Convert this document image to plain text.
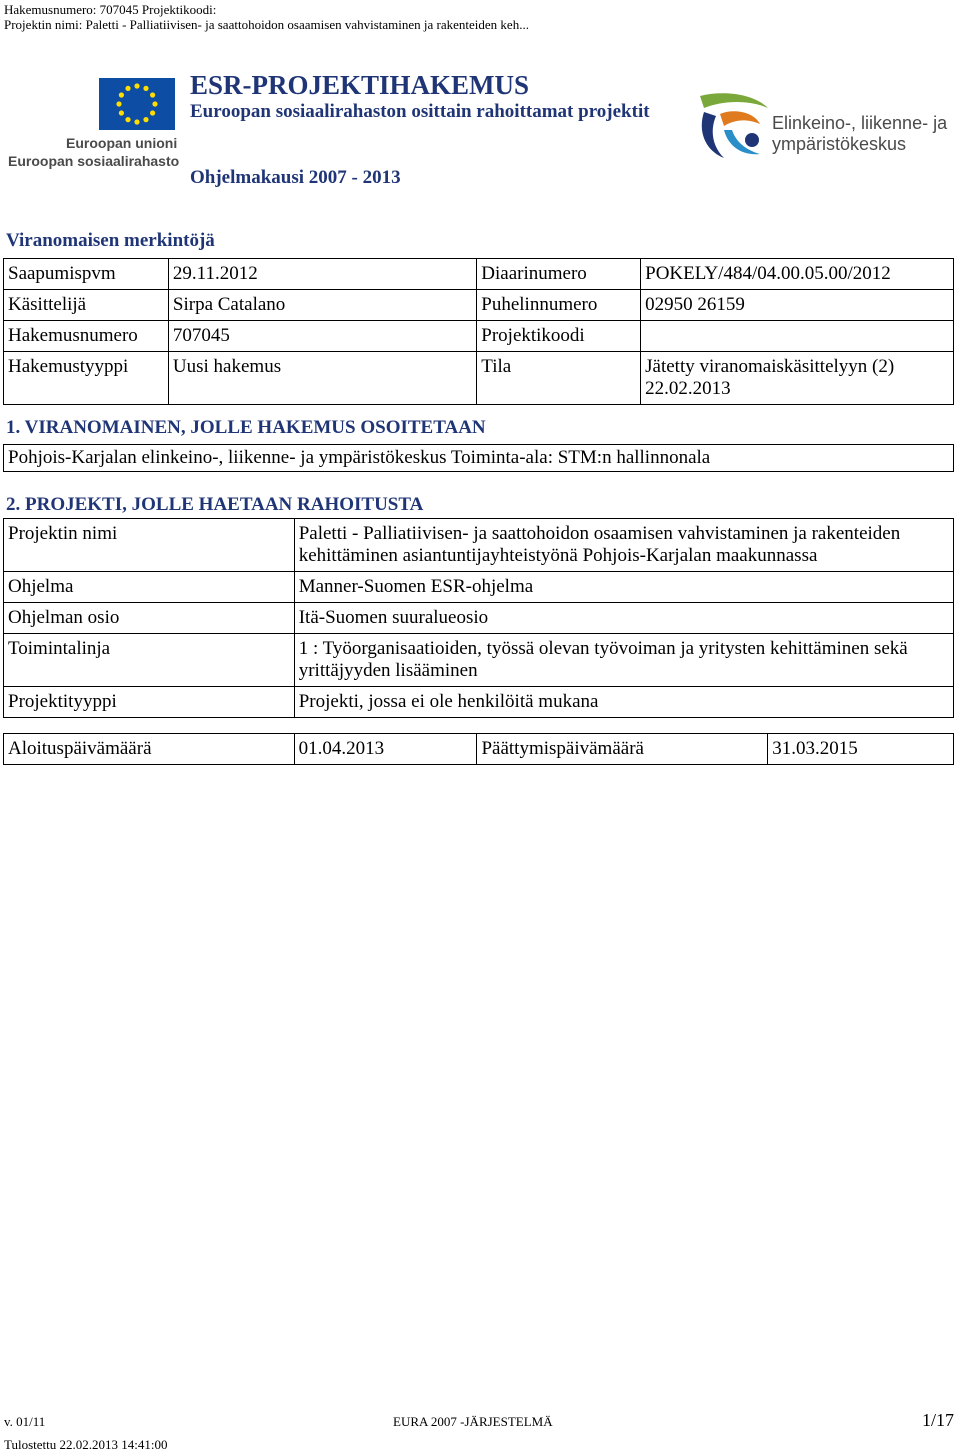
Hakemusnumero: 707045 Projektikoodi:
Projektin nimi: Paletti - Palliatiivisen- ja saattohoidon osaamisen vahvistaminen ja rakenteiden keh...
Euroopan unioni
Euroopan sosiaalirahasto
ESR-PROJEKTIHAKEMUS
Euroopan sosiaalirahaston osittain rahoittamat projektit
Ohjelmakausi 2007 - 2013
Elinkeino-, liikenne- ja
ympäristökeskus
Viranomaisen merkintöjä
Saapumispvm	29.11.2012	Diaarinumero	POKELY/484/04.00.05.00/2012
Käsittelijä	Sirpa Catalano	Puhelinnumero	02950 26159
Hakemusnumero	707045	Projektikoodi	
Hakemustyyppi	Uusi hakemus	Tila	Jätetty viranomaiskäsittelyyn (2) 22.02.2013
1. VIRANOMAINEN, JOLLE HAKEMUS OSOITETAAN
Pohjois-Karjalan elinkeino-, liikenne- ja ympäristökeskus Toiminta-ala: STM:n hallinnonala
2. PROJEKTI, JOLLE HAETAAN RAHOITUSTA
Projektin nimi	Paletti - Palliatiivisen- ja saattohoidon osaamisen vahvistaminen ja rakenteiden kehittäminen asiantuntijayhteistyönä Pohjois-Karjalan maakunnassa
Ohjelma	Manner-Suomen ESR-ohjelma
Ohjelman osio	Itä-Suomen suuralueosio
Toimintalinja	1 : Työorganisaatioiden, työssä olevan työvoiman ja yritysten kehittäminen sekä yrittäjyyden lisääminen
Projektityyppi	Projekti, jossa ei ole henkilöitä mukana
Aloituspäivämäärä	01.04.2013	Päättymispäivämäärä	31.03.2015
v. 01/11	EURA 2007 -JÄRJESTELMÄ	1/17
Tulostettu 22.02.2013 14:41:00
